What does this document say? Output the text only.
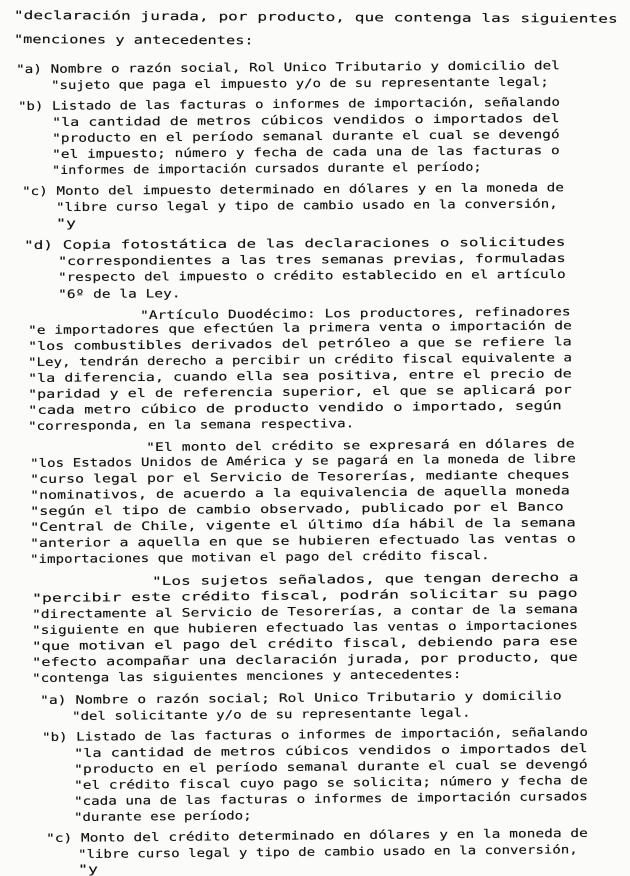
"declaración jurada, por producto, que contenga las siguientes

"menciones y antecedentes:

"a) Nombre o razón social, Rol Unico Tributario y domicilio del

"sujeto que paga el impuesto y/o de su representante legal;

"b) Listado de las facturas o informes de importación, señalando

"la cantidad de metros cúbicos vendidos o importados del

"producto en el período semanal durante el cual se devengó

"el impuesto; número y fecha de cada una de las facturas o

"informes de importación cursados durante el período;

"c) Monto del impuesto determinado en dólares y en la moneda de

"libre curso legal y tipo de cambio usado en la conversión,

"y

"d) Copia fotostática de las declaraciones o solicitudes

"correspondientes a las tres semanas previas, formuladas

"respecto del impuesto o crédito establecido en el artículo

"6º de la Ley.

"Artículo Duodécimo: Los productores, refinadores

"e importadores que efectúen la primera venta o importación de

"los combustibles derivados del petróleo a que se refiere la

"Ley, tendrán derecho a percibir un crédito fiscal equivalente a

"la diferencia, cuando ella sea positiva, entre el precio de

"paridad y el de referencia superior, el que se aplicará por

"cada metro cúbico de producto vendido o importado, según

"corresponda, en la semana respectiva.

"El monto del crédito se expresará en dólares de

"los Estados Unidos de América y se pagará en la moneda de libre

"curso legal por el Servicio de Tesorerías, mediante cheques

"nominativos, de acuerdo a la equivalencia de aquella moneda

"según el tipo de cambio observado, publicado por el Banco

"Central de Chile, vigente el último día hábil de la semana

"anterior a aquella en que se hubieren efectuado las ventas o

"importaciones que motivan el pago del crédito fiscal.

"Los sujetos señalados, que tengan derecho a

"percibir este crédito fiscal, podrán solicitar su pago

"directamente al Servicio de Tesorerías, a contar de la semana

"siguiente en que hubieren efectuado las ventas o importaciones

"que motivan el pago del crédito fiscal, debiendo para ese

"efecto acompañar una declaración jurada, por producto, que

"contenga las siguientes menciones y antecedentes:

"a) Nombre o razón social; Rol Unico Tributario y domicilio

"del solicitante y/o de su representante legal.

"b) Listado de las facturas o informes de importación, señalando

"la cantidad de metros cúbicos vendidos o importados del

"producto en el período semanal durante el cual se devengó

"el crédito fiscal cuyo pago se solicita; número y fecha de

"cada una de las facturas o informes de importación cursados

"durante ese período;

"c) Monto del crédito determinado en dólares y en la moneda de

"libre curso legal y tipo de cambio usado en la conversión,

"y
